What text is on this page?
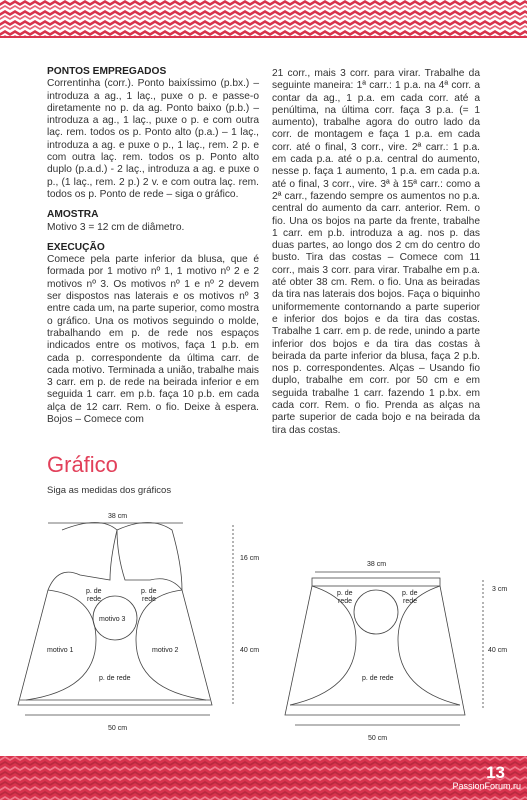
PONTOS EMPREGADOS

Correntinha (corr.). Ponto baixíssimo (p.bx.) – introduza a ag., 1 laç., puxe o p. e passe-o diretamente no p. da ag. Ponto baixo (p.b.) – introduza a ag., 1 laç., puxe o p. e com outra laç. rem. todos os p. Ponto alto (p.a.) – 1 laç., introduza a ag. e puxe o p., 1 laç., rem. 2 p. e com outra laç. rem. todos os p. Ponto alto duplo (p.a.d.) - 2 laç., introduza a ag. e puxe o p., (1 laç., rem. 2 p.) 2 v. e com outra laç. rem. todos os p. Ponto de rede – siga o gráfico.

AMOSTRA

Motivo 3 = 12 cm de diâmetro.

EXECUÇÃO

Comece pela parte inferior da blusa, que é formada por 1 motivo nº 1, 1 motivo nº 2 e 2 motivos nº 3. Os motivos nº 1 e nº 2 devem ser dispostos nas laterais e os motivos nº 3 entre cada um, na parte superior, como mostra o gráfico. Una os motivos seguindo o molde, trabalhando em p. de rede nos espaços indicados entre os motivos, faça 1 p.b. em cada p. correspondente da última carr. de cada motivo. Terminada a união, trabalhe mais 3 carr. em p. de rede na beirada inferior e em seguida 1 carr. em p.b. faça 10 p.b. em cada alça de 12 carr. Rem. o fio. Deixe à espera. Bojos – Comece com

21 corr., mais 3 corr. para virar. Trabalhe da seguinte maneira: 1ª carr.: 1 p.a. na 4ª corr. a contar da ag., 1 p.a. em cada corr. até a penúltima, na última corr. faça 3 p.a. (= 1 aumento), trabalhe agora do outro lado da corr. de montagem e faça 1 p.a. em cada corr. até o final, 3 corr., vire. 2ª carr.: 1 p.a. em cada p.a. até o p.a. central do aumento, nesse p. faça 1 aumento, 1 p.a. em cada p.a. até o final, 3 corr., vire. 3ª à 15ª carr.: como a 2ª carr., fazendo sempre os aumentos no p.a. central do aumento da carr. anterior. Rem. o fio. Una os bojos na parte da frente, trabalhe 1 carr. em p.b. introduza a ag. nos p. das duas partes, ao longo dos 2 cm do centro do busto. Tira das costas – Comece com 11 corr., mais 3 corr. para virar. Trabalhe em p.a. até obter 38 cm. Rem. o fio. Una as beiradas da tira nas laterais dos bojos. Faça o biquinho uniformemente contornando a parte superior e inferior dos bojos e da tira das costas. Trabalhe 1 carr. em p. de rede, unindo a parte inferior dos bojos e da tira das costas à beirada da parte inferior da blusa, faça 2 p.b. nos p. correspondentes. Alças – Usando fio duplo, trabalhe em corr. por 50 cm e em seguida trabalhe 1 carr. fazendo 1 p.bx. em cada corr. Rem. o fio. Prenda as alças na parte superior de cada bojo e na beirada da tira das costas.

Gráfico
Siga as medidas dos gráficos
38 cm
16 cm
40 cm
50 cm
p. de
rede
p. de
rede
motivo 3
motivo 1	motivo 2
p. de rede
38 cm
3 cm
40 cm
50 cm
p. de
rede
p. de
rede
p. de rede
13
PassionForum.ru
